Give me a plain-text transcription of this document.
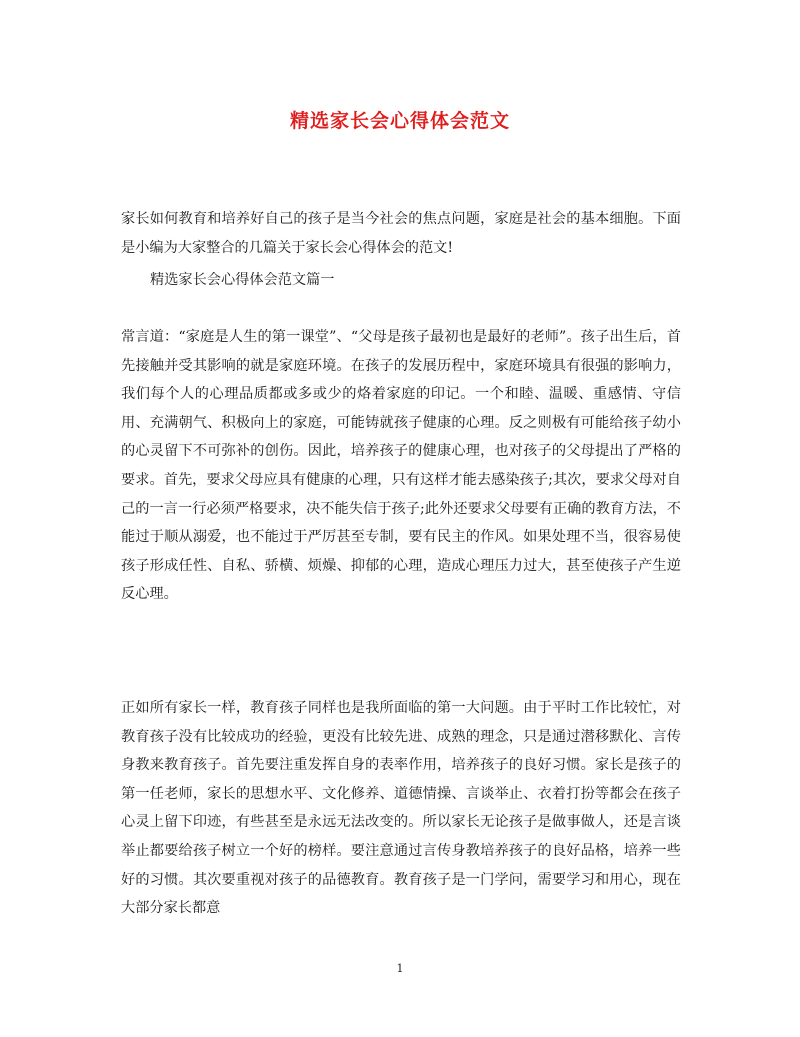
精选家长会心得体会范文
家长如何教育和培养好自己的孩子是当今社会的焦点问题，家庭是社会的基本细胞。下面是小编为大家整合的几篇关于家长会心得体会的范文!
精选家长会心得体会范文篇一
常言道：“家庭是人生的第一课堂”、“父母是孩子最初也是最好的老师”。孩子出生后，首先接触并受其影响的就是家庭环境。在孩子的发展历程中，家庭环境具有很强的影响力，我们每个人的心理品质都或多或少的烙着家庭的印记。一个和睦、温暖、重感情、守信用、充满朝气、积极向上的家庭，可能铸就孩子健康的心理。反之则极有可能给孩子幼小的心灵留下不可弥补的创伤。因此，培养孩子的健康心理，也对孩子的父母提出了严格的要求。首先，要求父母应具有健康的心理，只有这样才能去感染孩子;其次，要求父母对自己的一言一行必须严格要求，决不能失信于孩子;此外还要求父母要有正确的教育方法，不能过于顺从溺爱，也不能过于严厉甚至专制，要有民主的作风。如果处理不当，很容易使孩子形成任性、自私、骄横、烦燥、抑郁的心理，造成心理压力过大，甚至使孩子产生逆反心理。
正如所有家长一样，教育孩子同样也是我所面临的第一大问题。由于平时工作比较忙，对教育孩子没有比较成功的经验，更没有比较先进、成熟的理念，只是通过潜移默化、言传身教来教育孩子。首先要注重发挥自身的表率作用，培养孩子的良好习惯。家长是孩子的第一任老师，家长的思想水平、文化修养、道德情操、言谈举止、衣着打扮等都会在孩子心灵上留下印迹，有些甚至是永远无法改变的。所以家长无论孩子是做事做人，还是言谈举止都要给孩子树立一个好的榜样。要注意通过言传身教培养孩子的良好品格，培养一些好的习惯。其次要重视对孩子的品德教育。教育孩子是一门学问，需要学习和用心，现在大部分家长都意
1
